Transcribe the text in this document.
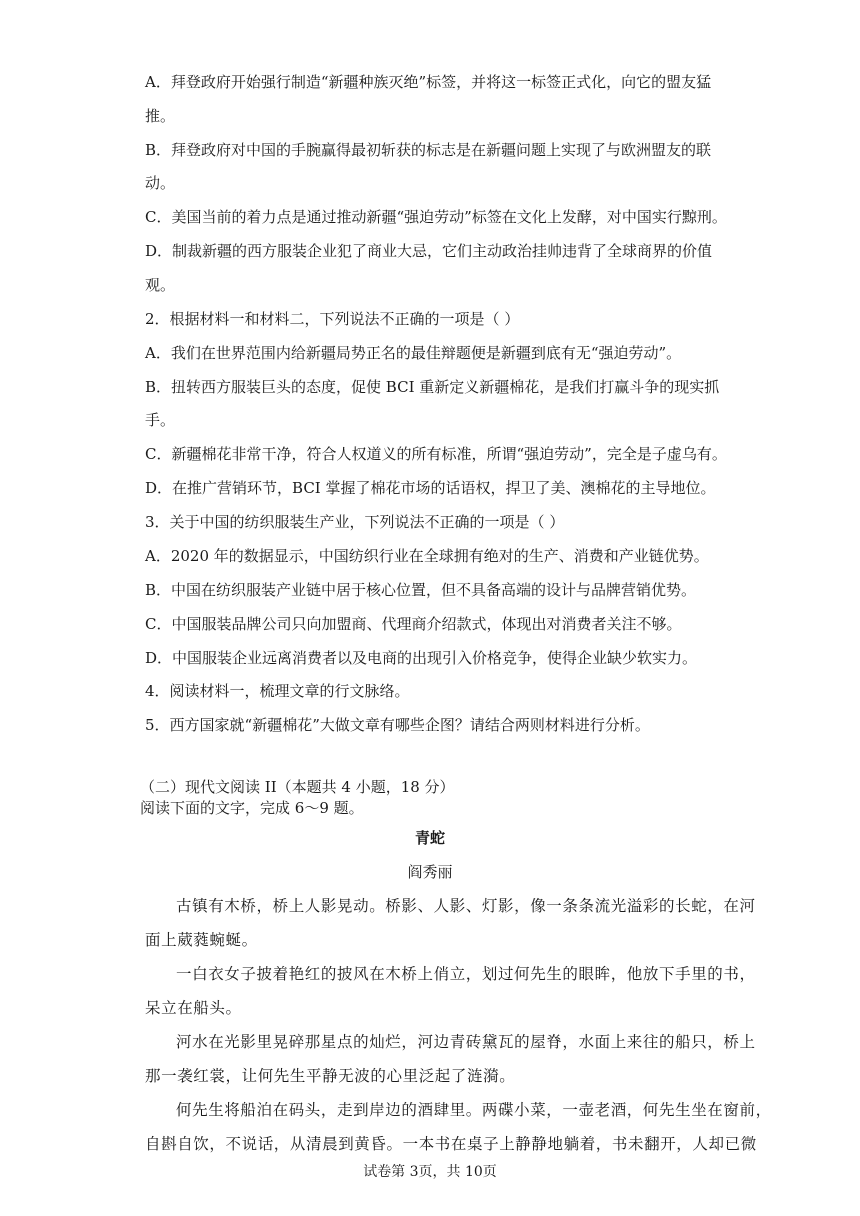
A．拜登政府开始强行制造“新疆种族灭绝”标签，并将这一标签正式化，向它的盟友猛
推。
B．拜登政府对中国的手腕赢得最初斩获的标志是在新疆问题上实现了与欧洲盟友的联
动。
C．美国当前的着力点是通过推动新疆“强迫劳动”标签在文化上发酵，对中国实行黥刑。
D．制裁新疆的西方服装企业犯了商业大忌，它们主动政治挂帅违背了全球商界的价值
观。
2．根据材料一和材料二，下列说法不正确的一项是（ ）
A．我们在世界范围内给新疆局势正名的最佳辩题便是新疆到底有无“强迫劳动”。
B．扭转西方服装巨头的态度，促使 BCI 重新定义新疆棉花，是我们打赢斗争的现实抓
手。
C．新疆棉花非常干净，符合人权道义的所有标准，所谓“强迫劳动”，完全是子虚乌有。
D．在推广营销环节，BCI 掌握了棉花市场的话语权，捍卫了美、澳棉花的主导地位。
3．关于中国的纺织服装生产业，下列说法不正确的一项是（ ）
A．2020 年的数据显示，中国纺织行业在全球拥有绝对的生产、消费和产业链优势。
B．中国在纺织服装产业链中居于核心位置，但不具备高端的设计与品牌营销优势。
C．中国服装品牌公司只向加盟商、代理商介绍款式，体现出对消费者关注不够。
D．中国服装企业远离消费者以及电商的出现引入价格竞争，使得企业缺少软实力。
4．阅读材料一，梳理文章的行文脉络。
5．西方国家就“新疆棉花”大做文章有哪些企图？请结合两则材料进行分析。
（二）现代文阅读 II（本题共 4 小题，18 分）
阅读下面的文字，完成 6～9 题。
青蛇
阎秀丽
古镇有木桥，桥上人影晃动。桥影、人影、灯影，像一条条流光溢彩的长蛇，在河
面上葳蕤蜿蜒。
一白衣女子披着艳红的披风在木桥上俏立，划过何先生的眼眸，他放下手里的书，
呆立在船头。
河水在光影里晃碎那星点的灿烂，河边青砖黛瓦的屋脊，水面上来往的船只，桥上
那一袭红裳，让何先生平静无波的心里泛起了涟漪。
何先生将船泊在码头，走到岸边的酒肆里。两碟小菜，一壶老酒，何先生坐在窗前，
自斟自饮，不说话，从清晨到黄昏。一本书在桌子上静静地躺着，书未翻开，人却已微
试卷第 3页，共 10页
